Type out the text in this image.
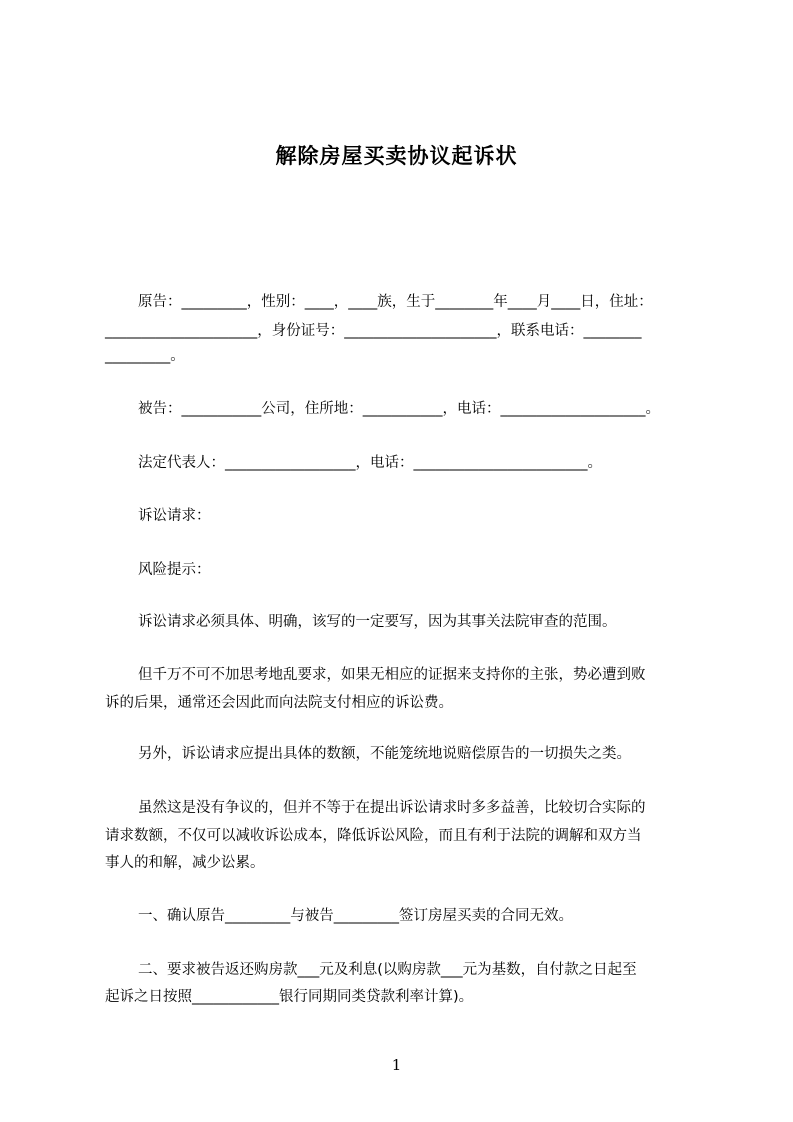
解除房屋买卖协议起诉状
原告：_________，性别：____，____族，生于________年____月____日，住址：
_____________________，身份证号：_____________________，联系电话：________
_________。
被告：___________公司，住所地：___________，电话：____________________。
法定代表人：__________________，电话：________________________。
诉讼请求：
风险提示：
诉讼请求必须具体、明确，该写的一定要写，因为其事关法院审查的范围。
但千万不可不加思考地乱要求，如果无相应的证据来支持你的主张，势必遭到败
诉的后果，通常还会因此而向法院支付相应的诉讼费。
另外，诉讼请求应提出具体的数额，不能笼统地说赔偿原告的一切损失之类。
虽然这是没有争议的，但并不等于在提出诉讼请求时多多益善，比较切合实际的
请求数额，不仅可以减收诉讼成本，降低诉讼风险，而且有利于法院的调解和双方当
事人的和解，减少讼累。
一、确认原告_________与被告_________签订房屋买卖的合同无效。
二、要求被告返还购房款___元及利息(以购房款___元为基数，自付款之日起至
起诉之日按照____________银行同期同类贷款利率计算)。
1
